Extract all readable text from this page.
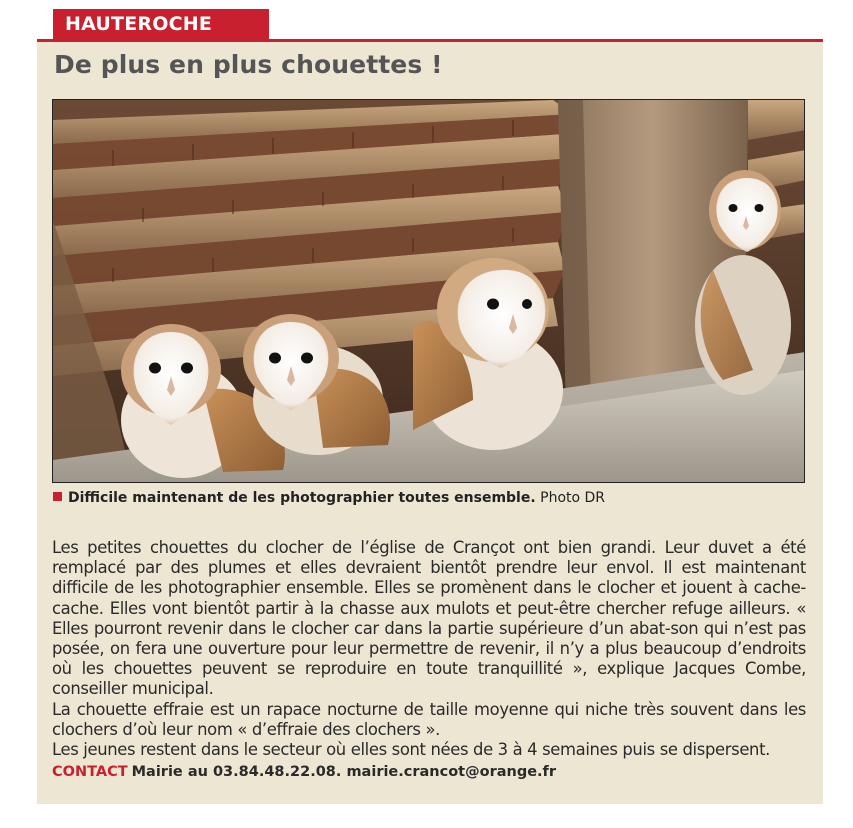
HAUTEROCHE
De plus en plus chouettes !
Difficile maintenant de les photographier toutes ensemble. Photo DR

Les petites chouettes du clocher de l’église de Crançot ont bien grandi. Leur duvet a été remplacé par des plumes et elles devraient bientôt prendre leur envol. Il est maintenant difficile de les photographier ensemble. Elles se promènent dans le clocher et jouent à cache-cache. Elles vont bientôt partir à la chasse aux mulots et peut-être chercher refuge ailleurs. « Elles pourront revenir dans le clocher car dans la partie supérieure d’un abat-son qui n’est pas posée, on fera une ouverture pour leur permettre de revenir, il n’y a plus beaucoup d’endroits où les chouettes peuvent se reproduire en toute tranquillité », explique Jacques Combe, conseiller municipal.

La chouette effraie est un rapace nocturne de taille moyenne qui niche très souvent dans les clochers d’où leur nom « d’effraie des clochers ».

Les jeunes restent dans le secteur où elles sont nées de 3 à 4 semaines puis se dispersent.

CONTACT Mairie au 03.84.48.22.08. mairie.crancot@orange.fr
